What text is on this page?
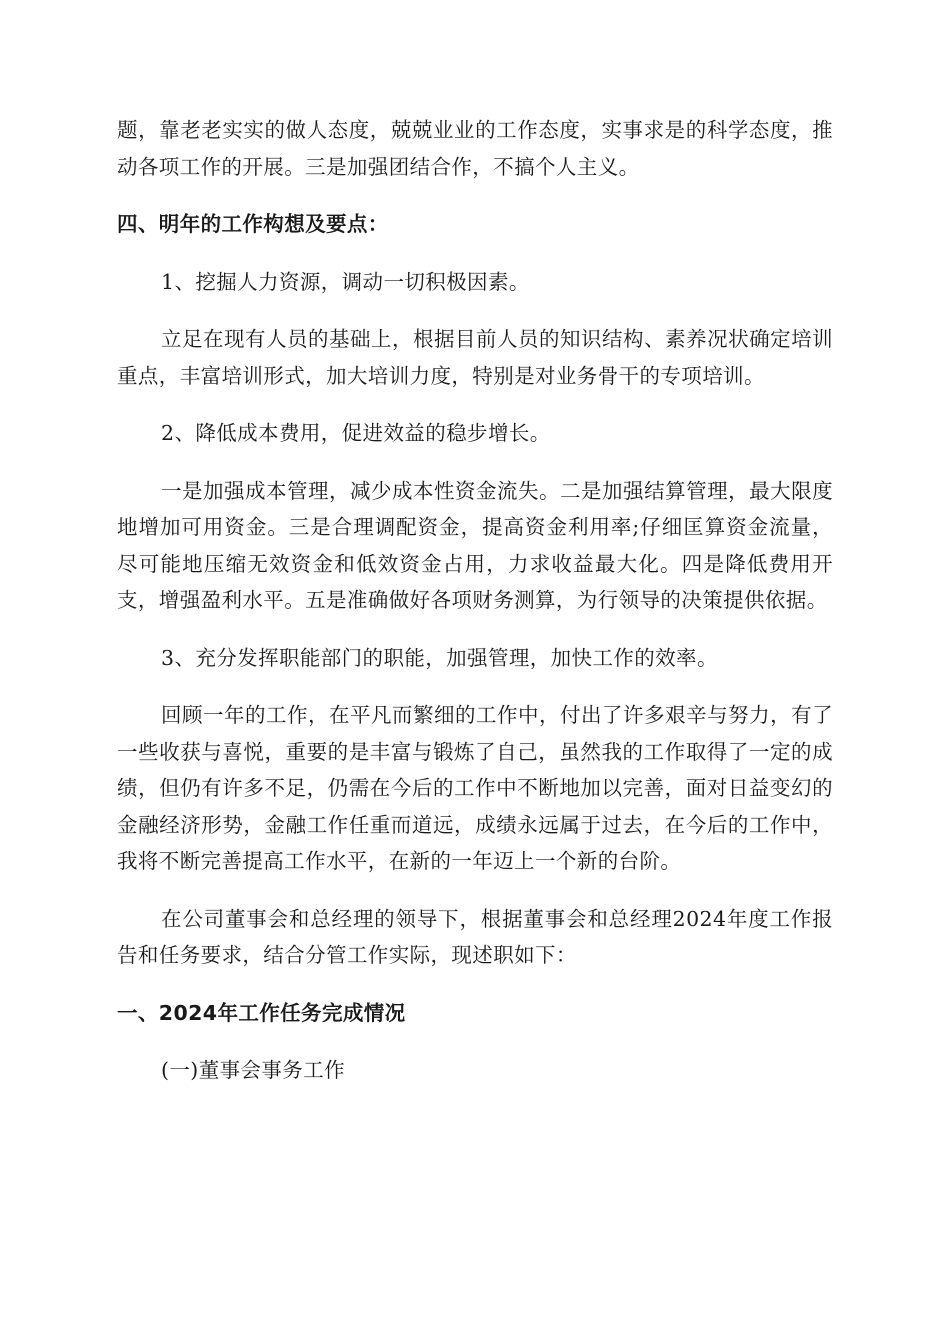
题，靠老老实实的做人态度，兢兢业业的工作态度，实事求是的科学态度，推动各项工作的开展。三是加强团结合作，不搞个人主义。

四、明年的工作构想及要点：

1、挖掘人力资源，调动一切积极因素。

立足在现有人员的基础上，根据目前人员的知识结构、素养况状确定培训重点，丰富培训形式，加大培训力度，特别是对业务骨干的专项培训。

2、降低成本费用，促进效益的稳步增长。

一是加强成本管理，减少成本性资金流失。二是加强结算管理，最大限度地增加可用资金。三是合理调配资金，提高资金利用率;仔细匡算资金流量，尽可能地压缩无效资金和低效资金占用，力求收益最大化。四是降低费用开支，增强盈利水平。五是准确做好各项财务测算，为行领导的决策提供依据。

3、充分发挥职能部门的职能，加强管理，加快工作的效率。

回顾一年的工作，在平凡而繁细的工作中，付出了许多艰辛与努力，有了一些收获与喜悦，重要的是丰富与锻炼了自己，虽然我的工作取得了一定的成绩，但仍有许多不足，仍需在今后的工作中不断地加以完善，面对日益变幻的金融经济形势，金融工作任重而道远，成绩永远属于过去，在今后的工作中，我将不断完善提高工作水平，在新的一年迈上一个新的台阶。

在公司董事会和总经理的领导下，根据董事会和总经理2024年度工作报告和任务要求，结合分管工作实际，现述职如下：

一、2024年工作任务完成情况

(一)董事会事务工作
